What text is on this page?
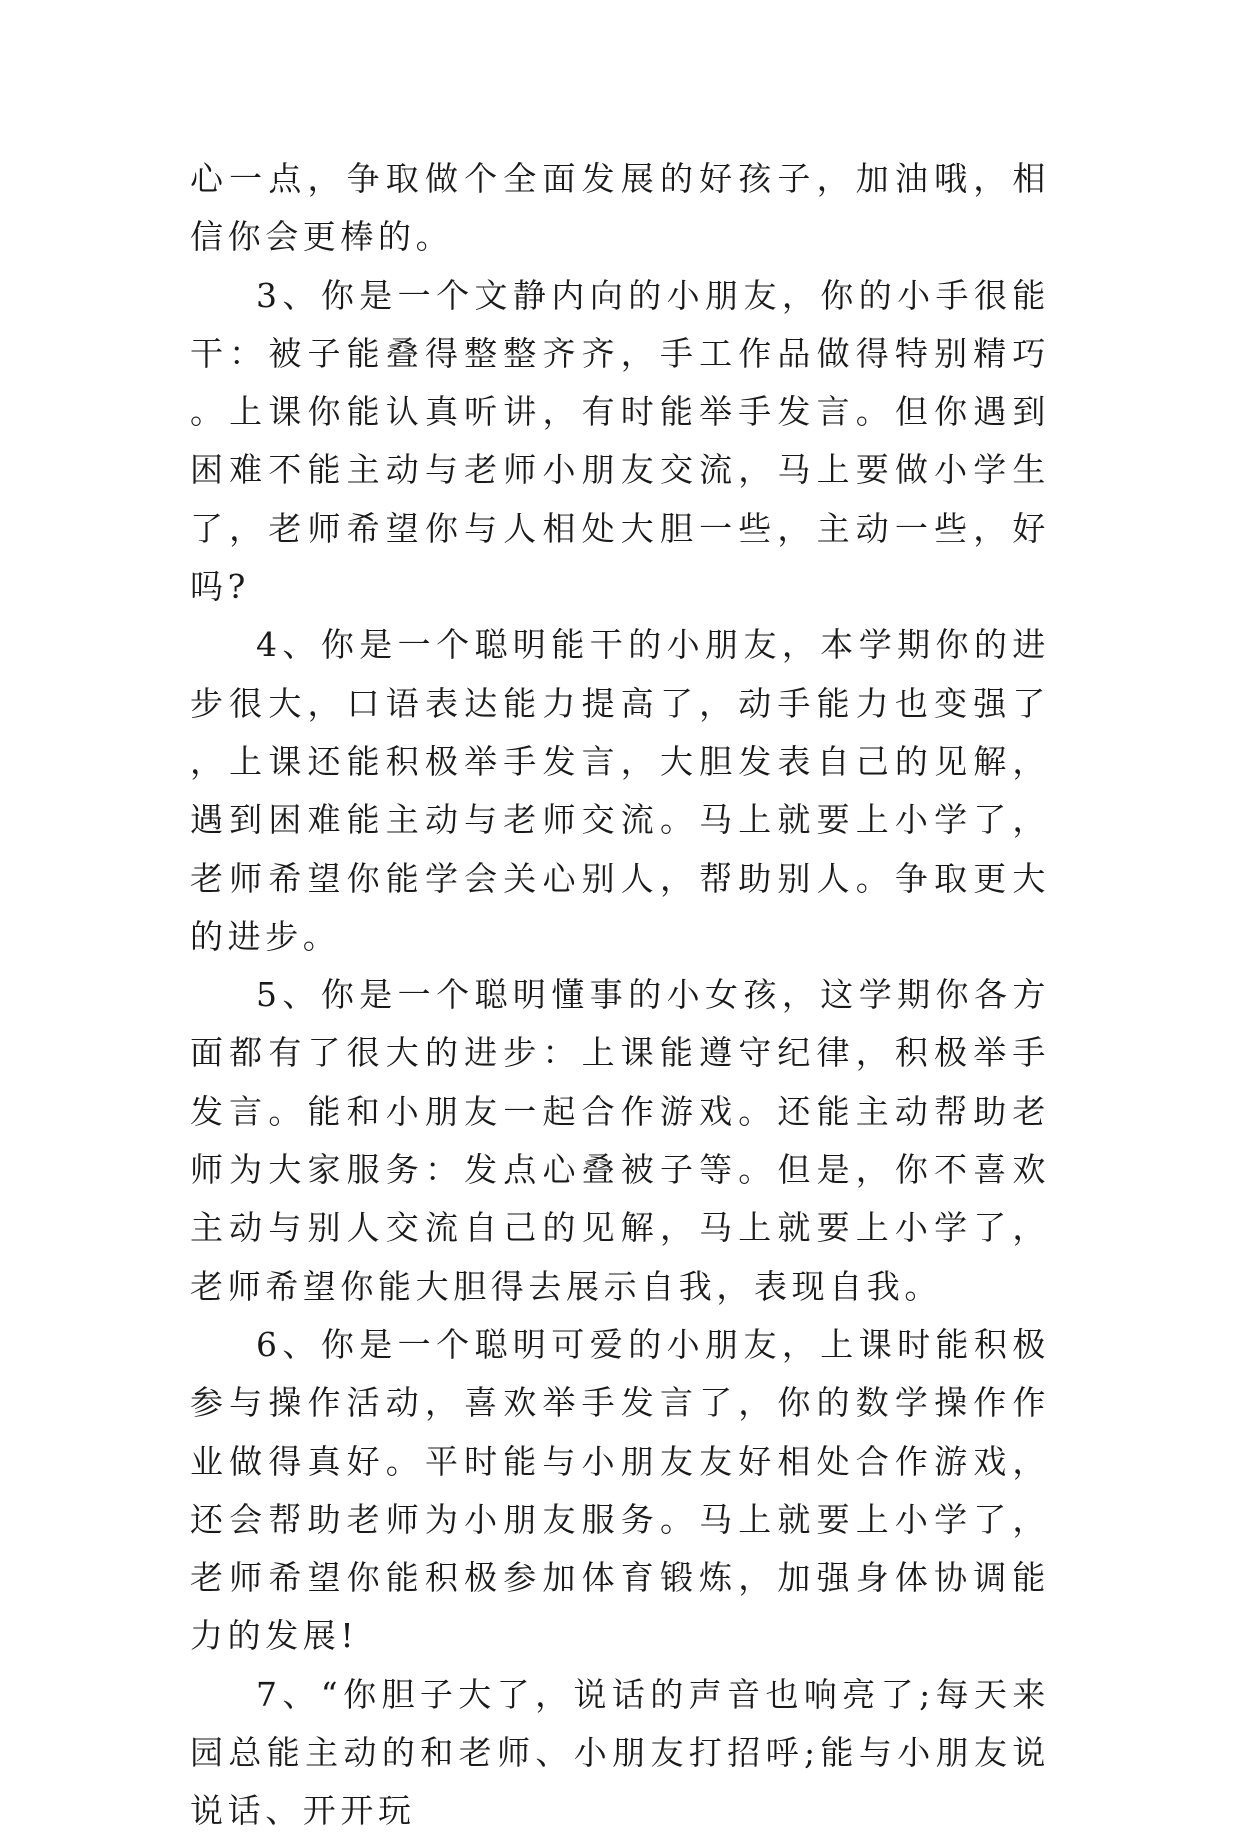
心一点，争取做个全面发展的好孩子，加油哦，相信你会更棒的。

3、你是一个文静内向的小朋友，你的小手很能干：被子能叠得整整齐齐，手工作品做得特别精巧。上课你能认真听讲，有时能举手发言。但你遇到困难不能主动与老师小朋友交流，马上要做小学生了，老师希望你与人相处大胆一些，主动一些，好吗?

4、你是一个聪明能干的小朋友，本学期你的进步很大，口语表达能力提高了，动手能力也变强了，上课还能积极举手发言，大胆发表自己的见解，遇到困难能主动与老师交流。马上就要上小学了，老师希望你能学会关心别人，帮助别人。争取更大的进步。

5、你是一个聪明懂事的小女孩，这学期你各方面都有了很大的进步：上课能遵守纪律，积极举手发言。能和小朋友一起合作游戏。还能主动帮助老师为大家服务：发点心叠被子等。但是，你不喜欢主动与别人交流自己的见解，马上就要上小学了，老师希望你能大胆得去展示自我，表现自我。

6、你是一个聪明可爱的小朋友，上课时能积极参与操作活动，喜欢举手发言了，你的数学操作作业做得真好。平时能与小朋友友好相处合作游戏，还会帮助老师为小朋友服务。马上就要上小学了，老师希望你能积极参加体育锻炼，加强身体协调能力的发展!

7、“你胆子大了，说话的声音也响亮了;每天来园总能主动的和老师、小朋友打招呼;能与小朋友说说话、开开玩
